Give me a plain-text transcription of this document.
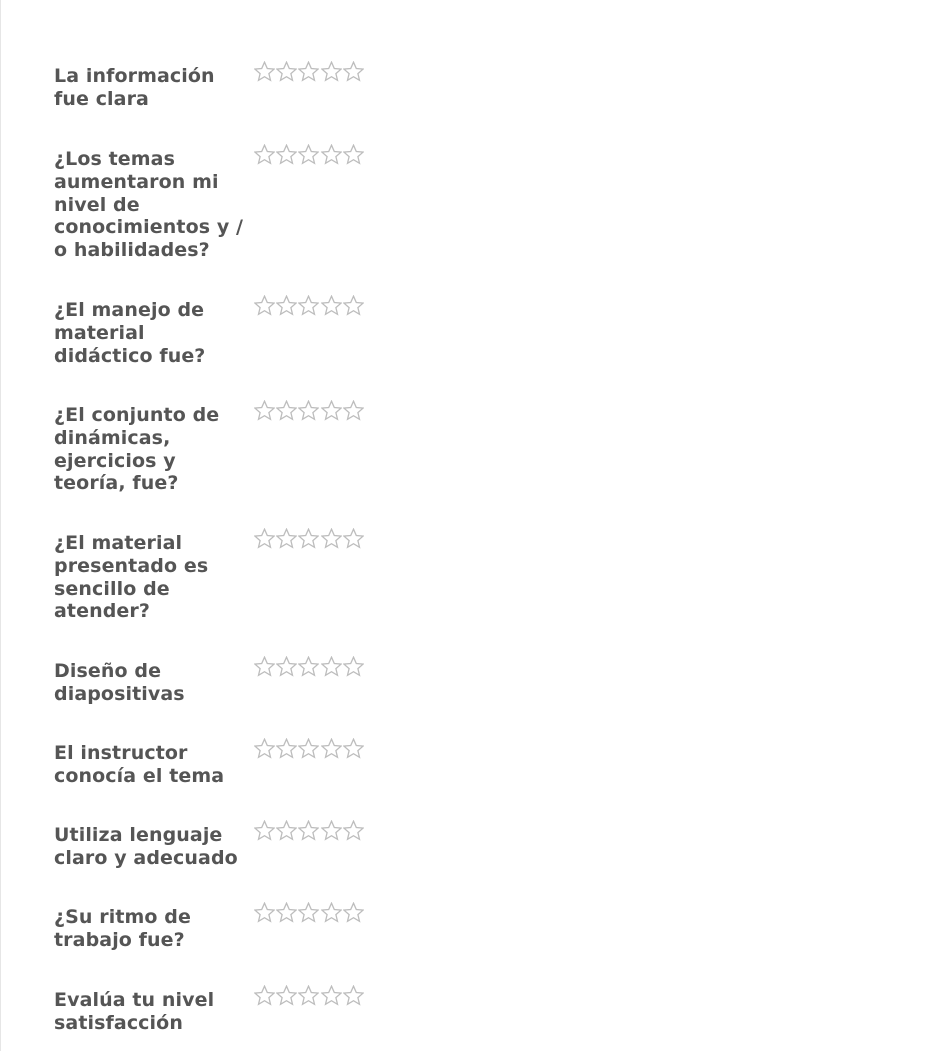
La información fue clara
¿Los temas aumentaron mi nivel de conocimientos y / o habilidades?
¿El manejo de material didáctico fue?
¿El conjunto de dinámicas, ejercicios y teoría, fue?
¿El material presentado es sencillo de atender?
Diseño de diapositivas
El instructor conocía el tema
Utiliza lenguaje claro y adecuado
¿Su ritmo de trabajo fue?
Evalúa tu nivel satisfacción
